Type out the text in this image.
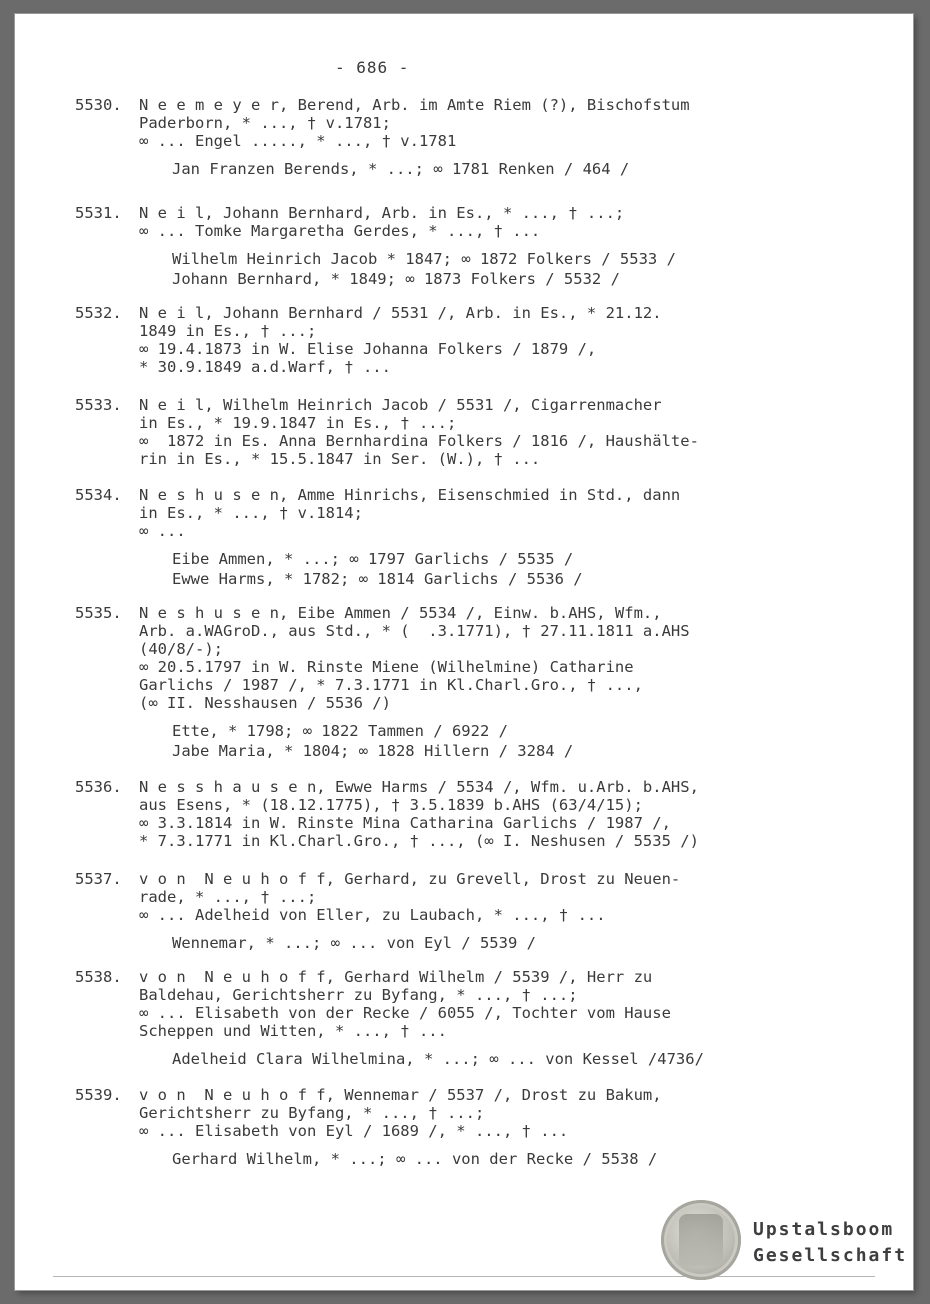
- 686 -
5530.	N e e m e y e r, Berend, Arb. im Amte Riem (?), Bischofstum
Paderborn, * ..., † v.1781;
∞ ... Engel ....., * ..., † v.1781
Jan Franzen Berends, * ...; ∞ 1781 Renken / 464 /
5531.	N e i l, Johann Bernhard, Arb. in Es., * ..., † ...;
∞ ... Tomke Margaretha Gerdes, * ..., † ...
Wilhelm Heinrich Jacob * 1847; ∞ 1872 Folkers / 5533 /
Johann Bernhard, * 1849; ∞ 1873 Folkers / 5532 /
5532.	N e i l, Johann Bernhard / 5531 /, Arb. in Es., * 21.12.
1849 in Es., † ...;
∞ 19.4.1873 in W. Elise Johanna Folkers / 1879 /,
* 30.9.1849 a.d.Warf, † ...
5533.	N e i l, Wilhelm Heinrich Jacob / 5531 /, Cigarrenmacher
in Es., * 19.9.1847 in Es., † ...;
∞  1872 in Es. Anna Bernhardina Folkers / 1816 /, Haushälte-
rin in Es., * 15.5.1847 in Ser. (W.), † ...
5534.	N e s h u s e n, Amme Hinrichs, Eisenschmied in Std., dann
in Es., * ..., † v.1814;
∞ ...
Eibe Ammen, * ...; ∞ 1797 Garlichs / 5535 /
Ewwe Harms, * 1782; ∞ 1814 Garlichs / 5536 /
5535.	N e s h u s e n, Eibe Ammen / 5534 /, Einw. b.AHS, Wfm.,
Arb. a.WAGroD., aus Std., * (  .3.1771), † 27.11.1811 a.AHS
(40/8/-);
∞ 20.5.1797 in W. Rinste Miene (Wilhelmine) Catharine
Garlichs / 1987 /, * 7.3.1771 in Kl.Charl.Gro., † ...,
(∞ II. Nesshausen / 5536 /)
Ette, * 1798; ∞ 1822 Tammen / 6922 /
Jabe Maria, * 1804; ∞ 1828 Hillern / 3284 /
5536.	N e s s h a u s e n, Ewwe Harms / 5534 /, Wfm. u.Arb. b.AHS,
aus Esens, * (18.12.1775), † 3.5.1839 b.AHS (63/4/15);
∞ 3.3.1814 in W. Rinste Mina Catharina Garlichs / 1987 /,
* 7.3.1771 in Kl.Charl.Gro., † ..., (∞ I. Neshusen / 5535 /)
5537.	v o n  N e u h o f f, Gerhard, zu Grevell, Drost zu Neuen-
rade, * ..., † ...;
∞ ... Adelheid von Eller, zu Laubach, * ..., † ...
Wennemar, * ...; ∞ ... von Eyl / 5539 /
5538.	v o n  N e u h o f f, Gerhard Wilhelm / 5539 /, Herr zu
Baldehau, Gerichtsherr zu Byfang, * ..., † ...;
∞ ... Elisabeth von der Recke / 6055 /, Tochter vom Hause
Scheppen und Witten, * ..., † ...
Adelheid Clara Wilhelmina, * ...; ∞ ... von Kessel /4736/
5539.	v o n  N e u h o f f, Wennemar / 5537 /, Drost zu Bakum,
Gerichtsherr zu Byfang, * ..., † ...;
∞ ... Elisabeth von Eyl / 1689 /, * ..., † ...
Gerhard Wilhelm, * ...; ∞ ... von der Recke / 5538 /
Upstalsboom
Gesellschaft
